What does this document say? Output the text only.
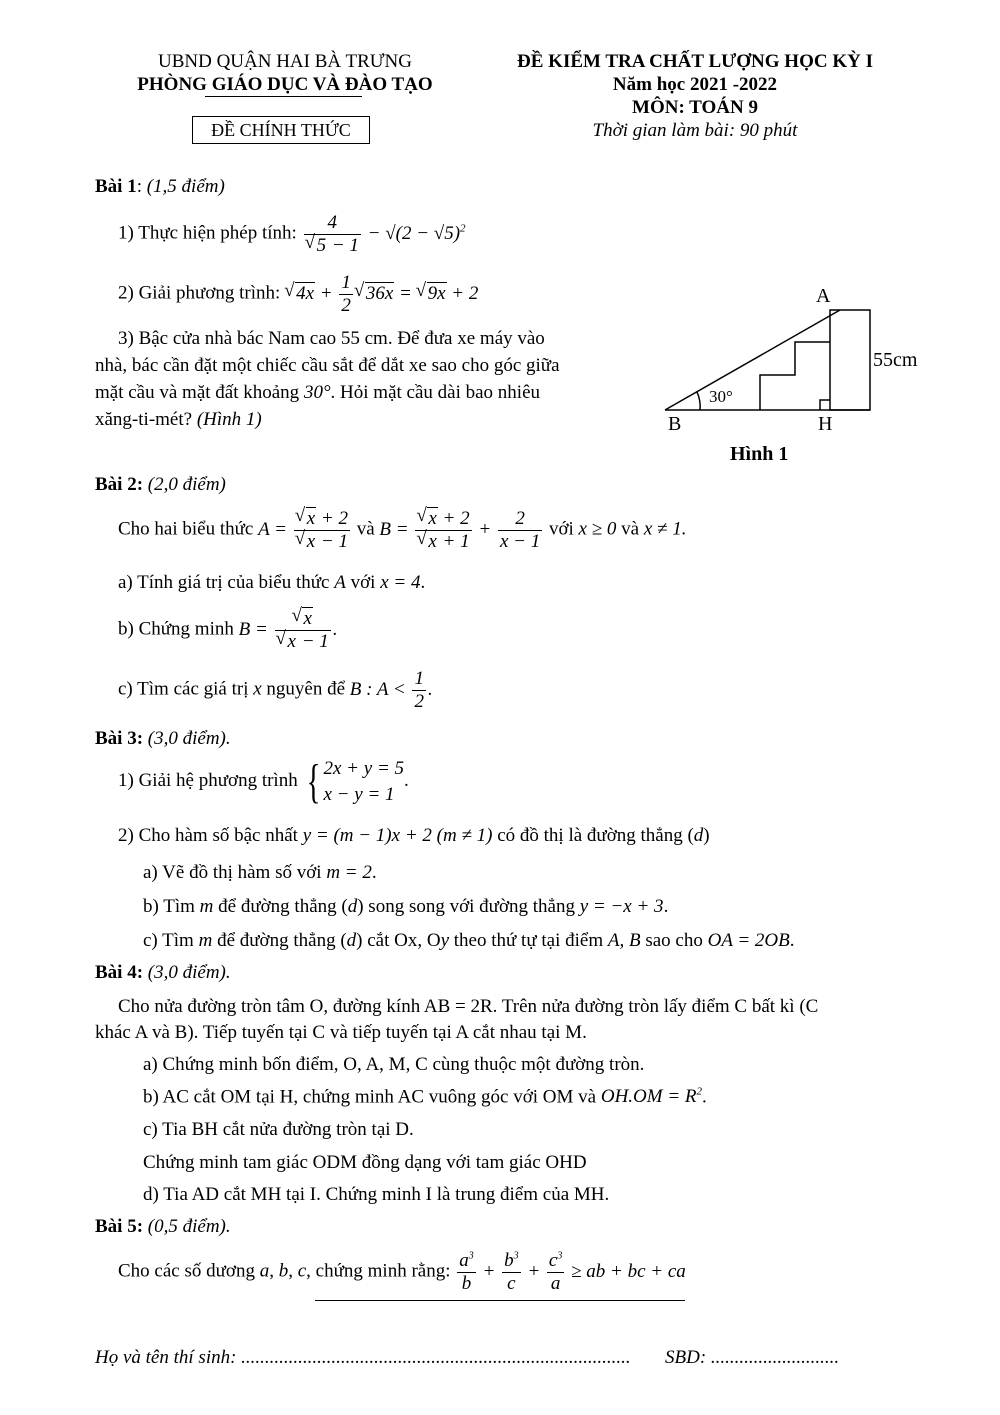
UBND QUẬN HAI BÀ TRƯNG
PHÒNG GIÁO DỤC VÀ ĐÀO TẠO
ĐỀ CHÍNH THỨC
ĐỀ KIỂM TRA CHẤT LƯỢNG HỌC KỲ I
Năm học 2021 -2022
MÔN: TOÁN 9
Thời gian làm bài: 90 phút
Bài 1: (1,5 điểm)
1) Thực hiện phép tính: 4
√ $5 - 1 - √(2 - √5)^2$
2) Giải phương trình: √ $4x + \frac{1}{2}$ √ 36x = √ 9x + 2
3) Bậc cửa nhà bác Nam cao 55 cm. Để đưa xe máy vào
nhà, bác cần đặt một chiếc cầu sắt để dắt xe sao cho góc giữa
mặt cầu và mặt đất khoảng 30°. Hỏi mặt cầu dài bao nhiêu
xăng-ti-mét? (Hình 1)
A
55cm
30°
B	H
Hình 1
Bài 2: (2,0 điểm)
Cho hai biểu thức A = √ x + 2
√ x − 1 và B = √ x + 2
√ $x + 1 + \frac{2}{x - 1}$ với x ≥ 0 và x ≠ 1.
a) Tính giá trị của biểu thức A với x = 4.
b) Chứng minh B = √ x
√ x − 1 .
c) Tìm các giá trị x nguyên để B : $A < \frac{1}{2}$ .
Bài 3: (3,0 điểm).
1) Giải hệ phương trình { 2x + y = 5
x − y = 1
.
2) Cho hàm số bậc nhất y = (m − 1)x + 2 (m ≠ 1) có đồ thị là đường thẳng (d)
a) Vẽ đồ thị hàm số với m = 2.
b) Tìm m để đường thẳng (d) song song với đường thẳng y = −x + 3.
c) Tìm m để đường thẳng (d) cắt Ox, Oy theo thứ tự tại điểm A, B sao cho OA = 2OB.
Bài 4: (3,0 điểm).
Cho nửa đường tròn tâm O, đường kính AB = 2R. Trên nửa đường tròn lấy điểm C bất kì (C
khác A và B). Tiếp tuyến tại C và tiếp tuyến tại A cắt nhau tại M.
a) Chứng minh bốn điểm, O, A, M, C cùng thuộc một đường tròn.
b) AC cắt OM tại H, chứng minh AC vuông góc với OM và $OH.OM = R^2$.
c) Tia BH cắt nửa đường tròn tại D.
Chứng minh tam giác ODM đồng dạng với tam giác OHD
d) Tia AD cắt MH tại I. Chứng minh I là trung điểm của MH.
Bài 5: (0,5 điểm).
Cho các số dương a, b, c, chứng minh rằng: $\frac{a^3}{b} + \frac{b^3}{c} + \frac{c^3}{a}$ ≥ ab + bc + ca
Họ và tên thí sinh: .................................................................................. SBD: ...........................
